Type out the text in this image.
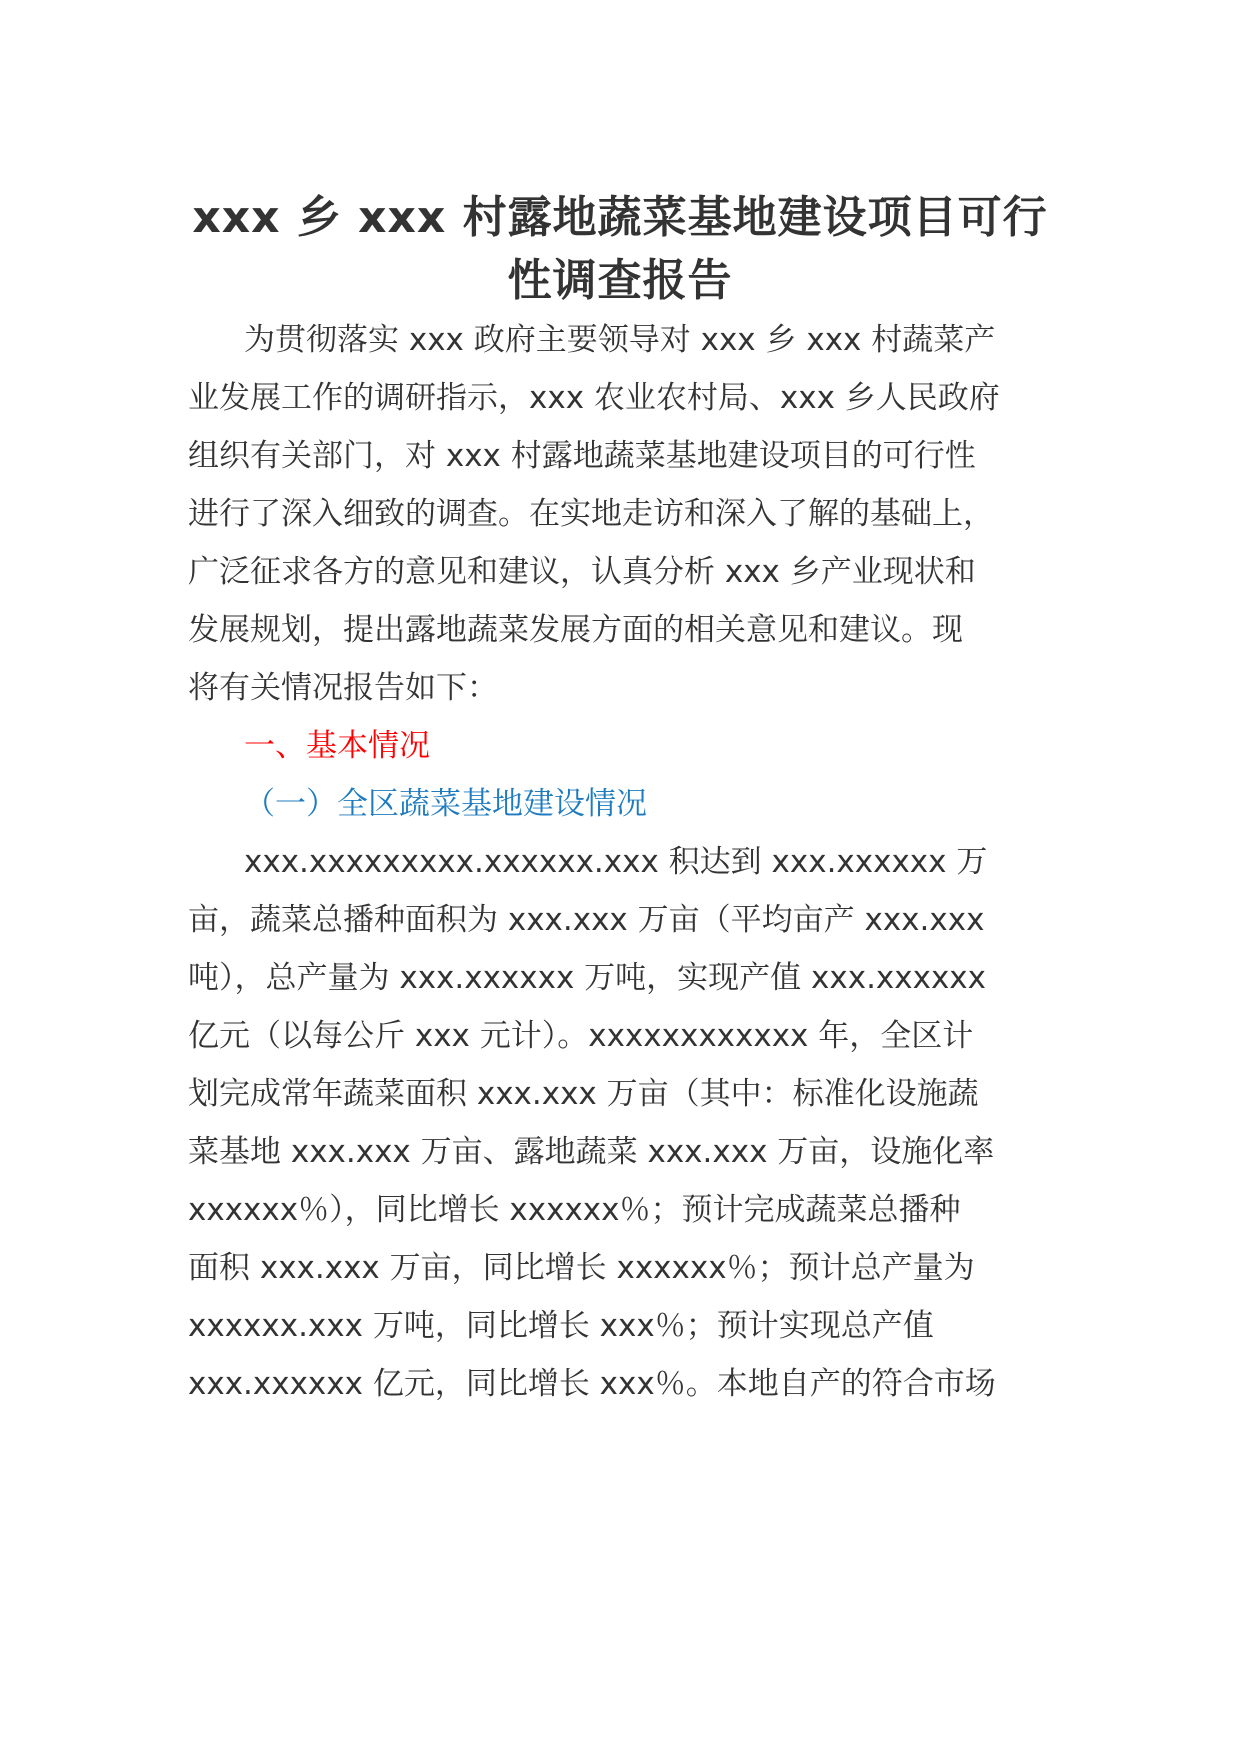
xxx 乡 xxx 村露地蔬菜基地建设项目可行性调查报告
为贯彻落实 xxx 政府主要领导对 xxx 乡 xxx 村蔬菜产
业发展工作的调研指示，xxx 农业农村局、xxx 乡人民政府
组织有关部门，对 xxx 村露地蔬菜基地建设项目的可行性
进行了深入细致的调查。在实地走访和深入了解的基础上，
广泛征求各方的意见和建议，认真分析 xxx 乡产业现状和
发展规划，提出露地蔬菜发展方面的相关意见和建议。现
将有关情况报告如下：
一、基本情况
（一）全区蔬菜基地建设情况
xxx.xxxxxxxxx.xxxxxx.xxx 积达到 xxx.xxxxxx 万
亩，蔬菜总播种面积为 xxx.xxx 万亩（平均亩产 xxx.xxx
吨），总产量为 xxx.xxxxxx 万吨，实现产值 xxx.xxxxxx
亿元（以每公斤 xxx 元计）。xxxxxxxxxxxx 年，全区计
划完成常年蔬菜面积 xxx.xxx 万亩（其中：标准化设施蔬
菜基地 xxx.xxx 万亩、露地蔬菜 xxx.xxx 万亩，设施化率
xxxxxx％），同比增长 xxxxxx％；预计完成蔬菜总播种
面积 xxx.xxx 万亩，同比增长 xxxxxx％；预计总产量为
xxxxxx.xxx 万吨，同比增长 xxx％；预计实现总产值
xxx.xxxxxx 亿元，同比增长 xxx％。本地自产的符合市场
